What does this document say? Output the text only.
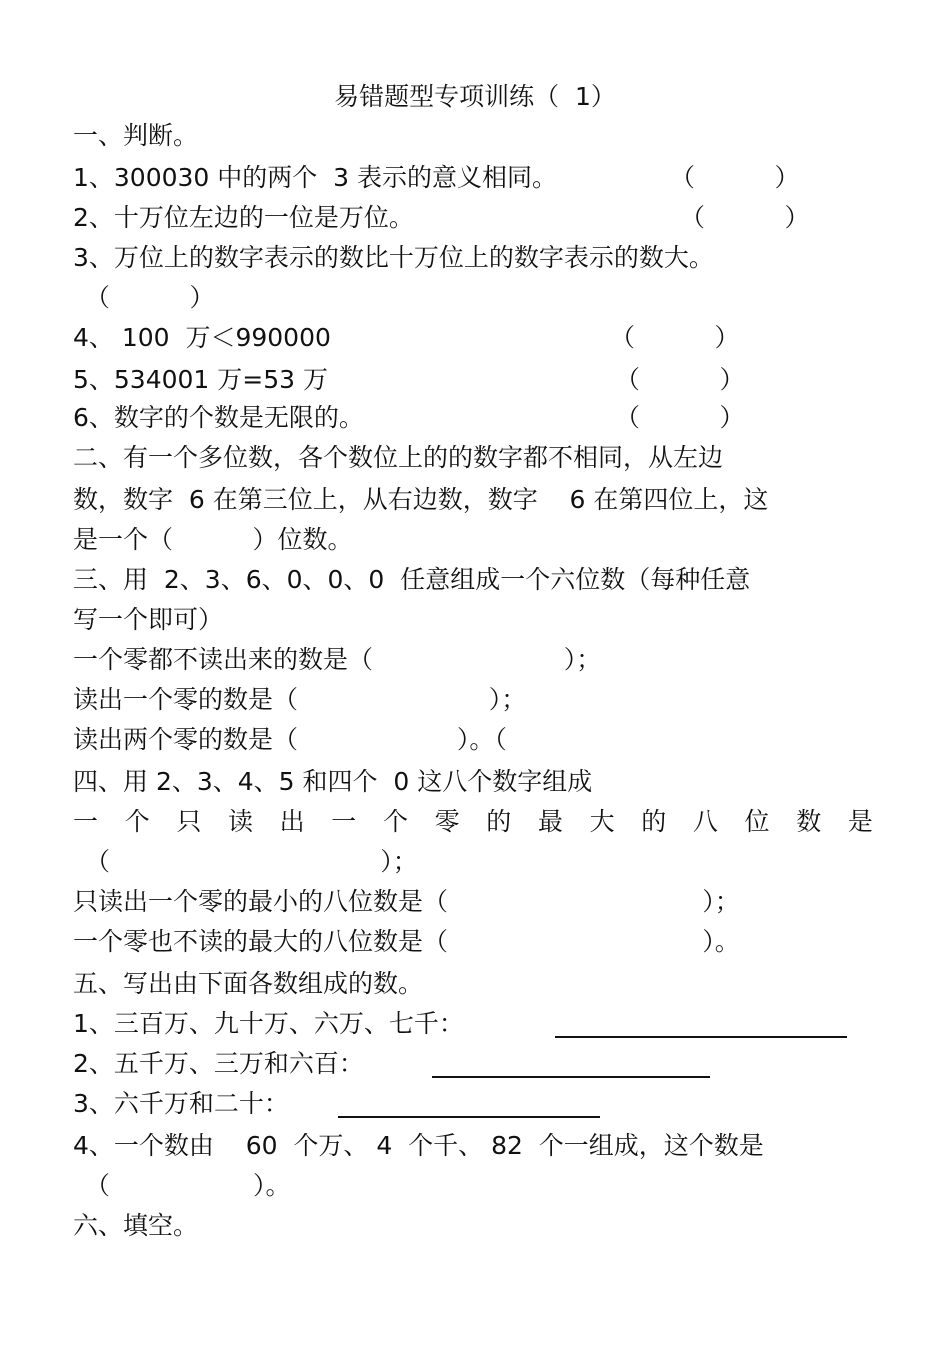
易错题型专项训练（  1）
一、判断。
1、300030 中的两个  3 表示的意义相同。	（          ）
2、十万位左边的一位是万位。	（          ）
3、万位上的数字表示的数比十万位上的数字表示的数大。
（          ）
4、 100  万＜990000	（          ）
5、534001 万=53 万	（          ）
6、数字的个数是无限的。	（          ）
二、有一个多位数，各个数位上的的数字都不相同，从左边
数，数字  6 在第三位上，从右边数，数字    6 在第四位上，这
是一个（          ）位数。
三、用  2、3、6、0、0、0  任意组成一个六位数（每种任意
写一个即可）
一个零都不读出来的数是（                        ）；
读出一个零的数是（                        ）；
读出两个零的数是（                    ）。（
四、用 2、3、4、5 和四个  0 这八个数字组成
一 个 只 读 出 一 个 零 的 最 大 的 八 位 数 是
（                                  ）；
只读出一个零的最小的八位数是（                                ）；
一个零也不读的最大的八位数是（                                ）。
五、写出由下面各数组成的数。
1、三百万、九十万、六万、七千：
2、五千万、三万和六百：
3、六千万和二十：
4、一个数由    60  个万、 4  个千、 82  个一组成，这个数是
（                  ）。
六、填空。
